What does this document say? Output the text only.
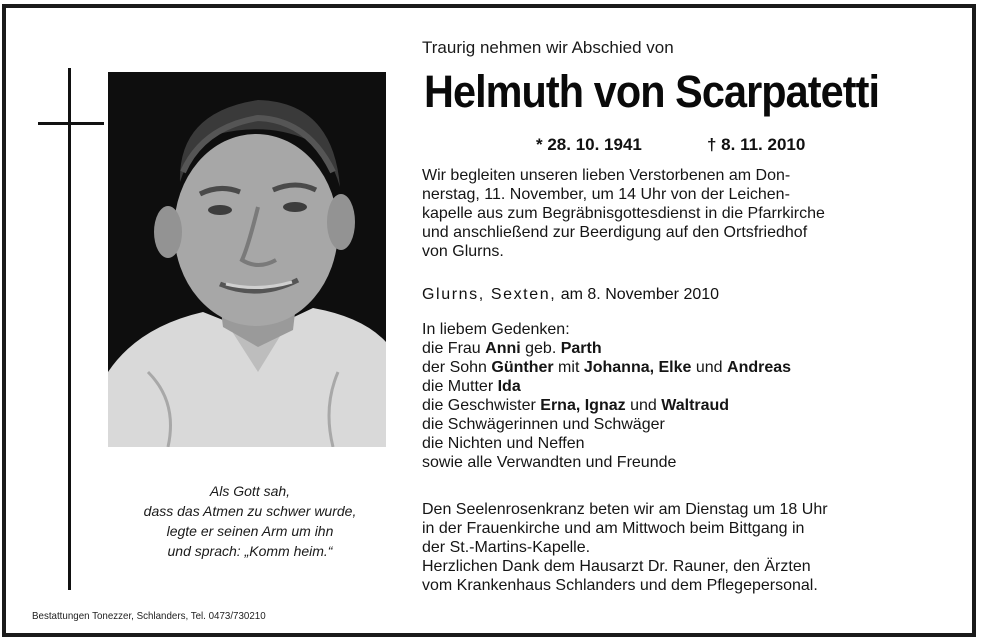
Als Gott sah,
dass das Atmen zu schwer wurde,
legte er seinen Arm um ihn
und sprach: „Komm heim.“
Bestattungen Tonezzer, Schlanders, Tel. 0473/730210
Traurig nehmen wir Abschied von
Helmuth von Scarpatetti
* 28. 10. 1941	† 8. 11. 2010
Wir begleiten unseren lieben Verstorbenen am Don-
nerstag, 11. November, um 14 Uhr von der Leichen-
kapelle aus zum Begräbnisgottesdienst in die Pfarrkirche
und anschließend zur Beerdigung auf den Ortsfriedhof
von Glurns.
Glurns, Sexten, am 8. November 2010
In liebem Gedenken:
die Frau Anni geb. Parth
der Sohn Günther mit Johanna, Elke und Andreas
die Mutter Ida
die Geschwister Erna, Ignaz und Waltraud
die Schwägerinnen und Schwäger
die Nichten und Neffen
sowie alle Verwandten und Freunde
Den Seelenrosenkranz beten wir am Dienstag um 18 Uhr
in der Frauenkirche und am Mittwoch beim Bittgang in
der St.-Martins-Kapelle.
Herzlichen Dank dem Hausarzt Dr. Rauner, den Ärzten
vom Krankenhaus Schlanders und dem Pflegepersonal.
